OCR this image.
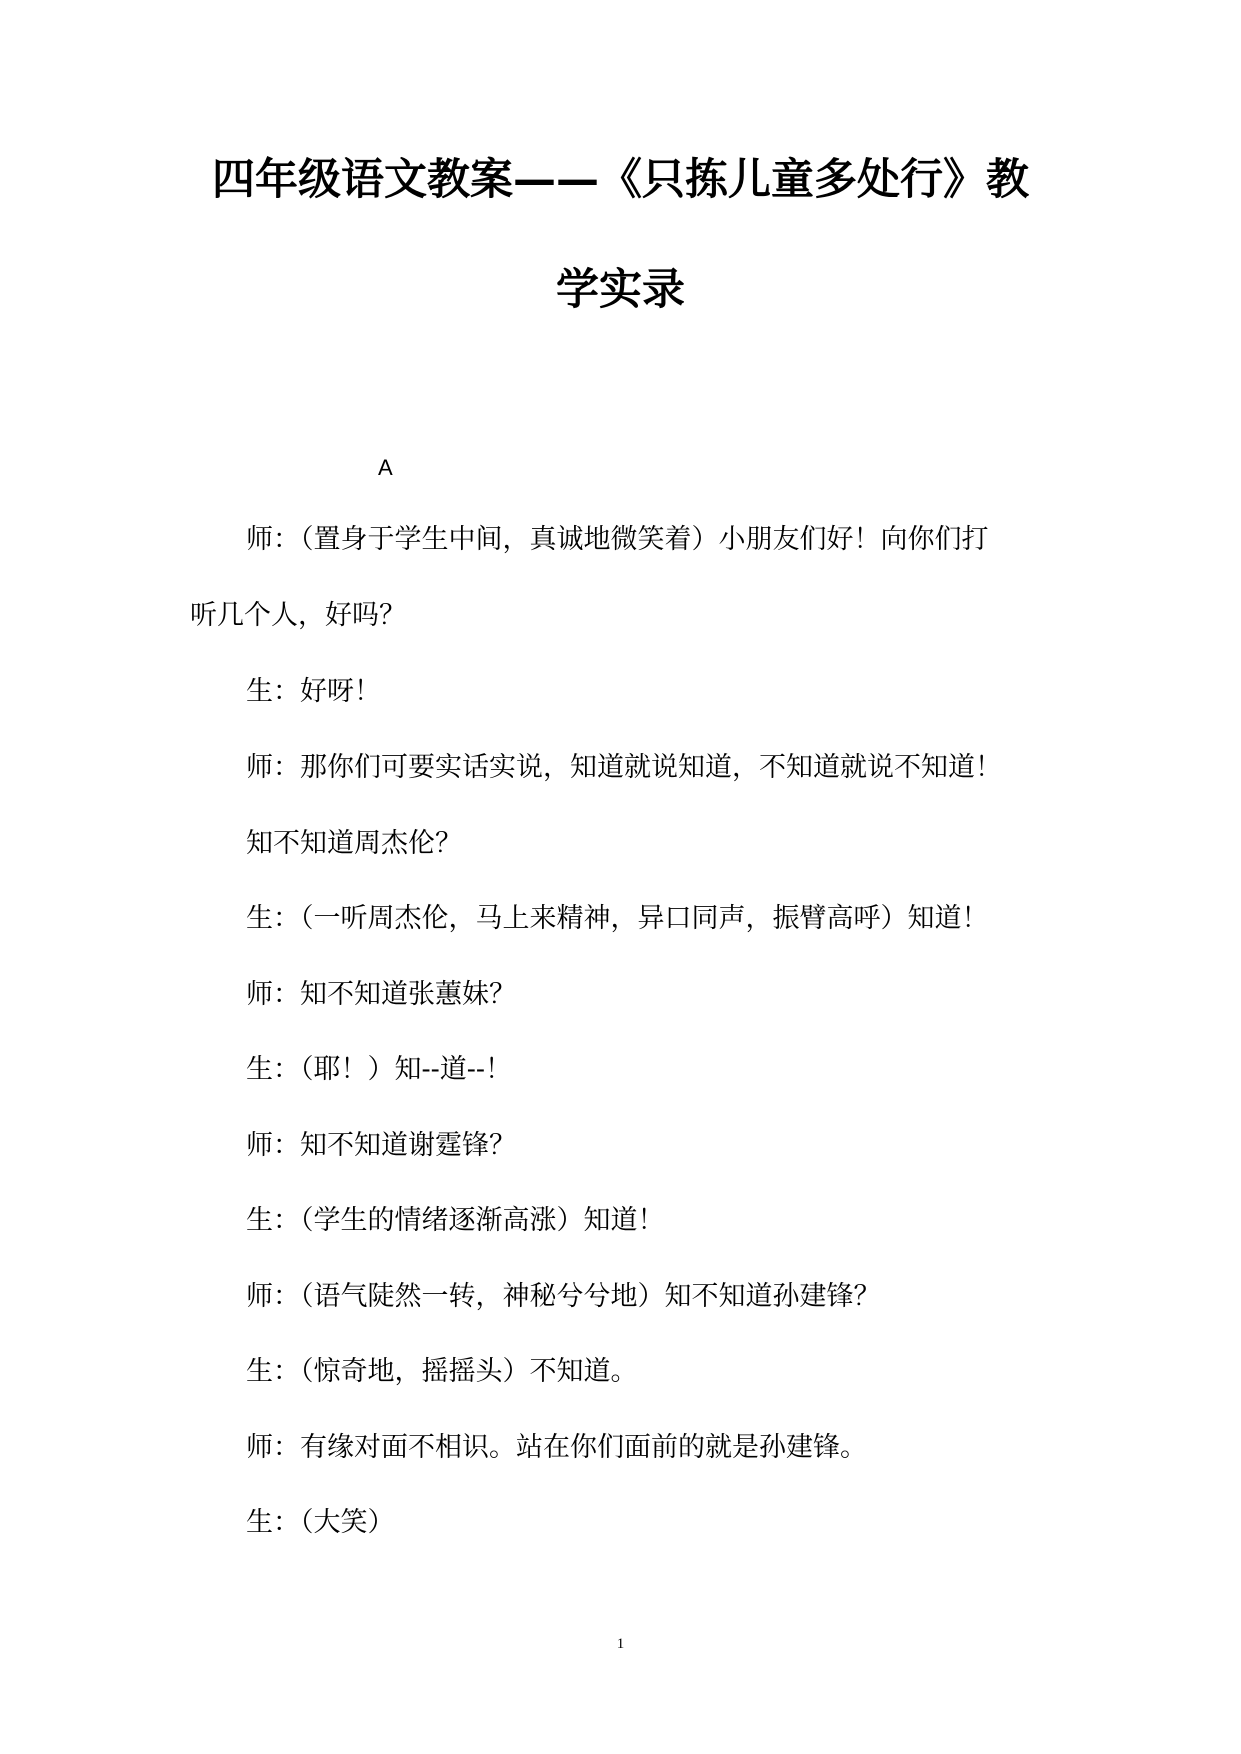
四年级语文教案——《只拣儿童多处行》教
学实录
A
师：（置身于学生中间，真诚地微笑着）小朋友们好！向你们打
听几个人，好吗？
生：好呀！
师：那你们可要实话实说，知道就说知道，不知道就说不知道！
知不知道周杰伦？
生：（一听周杰伦，马上来精神，异口同声，振臂高呼）知道！
师：知不知道张蕙妹？
生：（耶！）知--道--！
师：知不知道谢霆锋？
生：（学生的情绪逐渐高涨）知道！
师：（语气陡然一转，神秘兮兮地）知不知道孙建锋？
生：（惊奇地，摇摇头）不知道。
师：有缘对面不相识。站在你们面前的就是孙建锋。
生：（大笑）
1
